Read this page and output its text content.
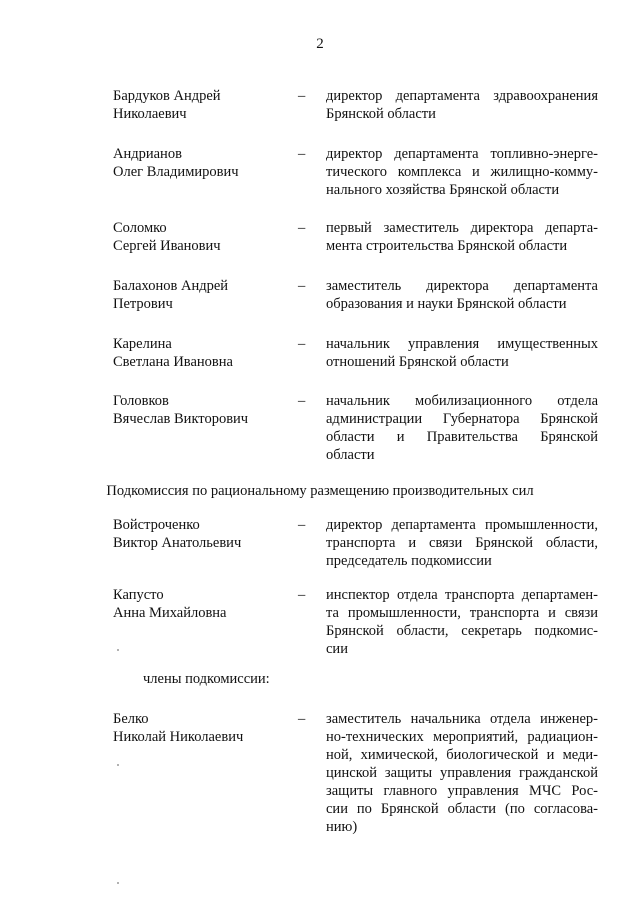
2
Бардуков Андрей
Николаевич
– директор департамента здравоохранения
Брянской области
Андрианов
Олег Владимирович
– директор департамента топливно-энерге-
тического комплекса и жилищно-комму-
нального хозяйства Брянской области
Соломко
Сергей Иванович
– первый заместитель директора департа-
мента строительства Брянской области
Балахонов Андрей
Петрович
– заместитель директора департамента
образования и науки Брянской области
Карелина
Светлана Ивановна
– начальник управления имущественных
отношений Брянской области
Головков
Вячеслав Викторович
– начальник мобилизационного отдела
администрации Губернатора Брянской
области и Правительства Брянской
области
Подкомиссия по рациональному размещению производительных сил
Войстроченко
Виктор Анатольевич
– директор департамента промышленности,
транспорта и связи Брянской области,
председатель подкомиссии
Капусто
Анна Михайловна
– инспектор отдела транспорта департамен-
та промышленности, транспорта и связи
Брянской области, секретарь подкомис-
сии
члены подкомиссии:
Белко
Николай Николаевич
– заместитель начальника отдела инженер-
но-технических мероприятий, радиацион-
ной, химической, биологической и меди-
цинской защиты управления гражданской
защиты главного управления МЧС Рос-
сии по Брянской области (по согласова-
нию)
